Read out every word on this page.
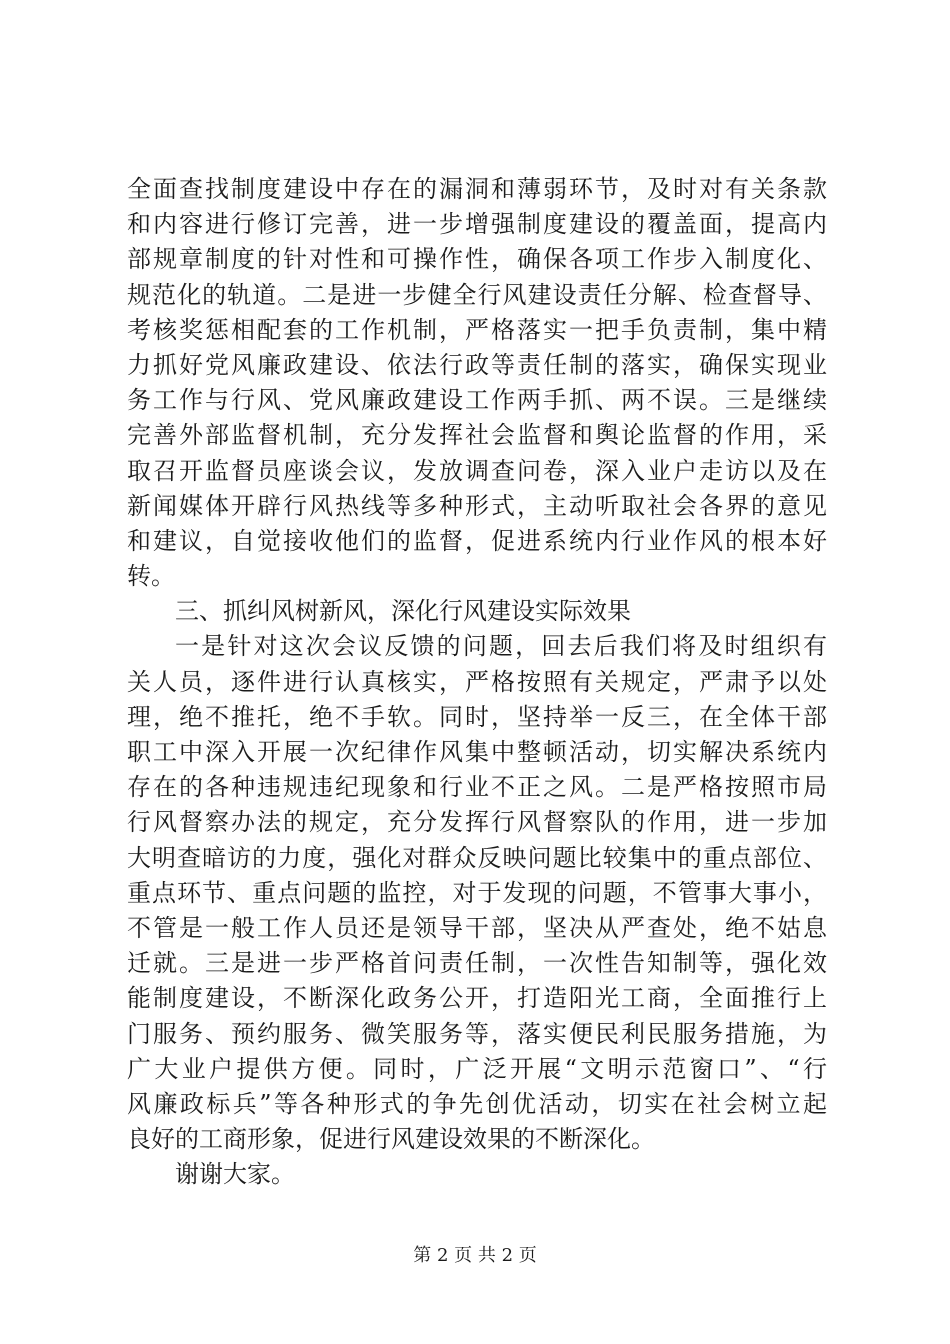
全面查找制度建设中存在的漏洞和薄弱环节，及时对有关条款
和内容进行修订完善，进一步增强制度建设的覆盖面，提高内
部规章制度的针对性和可操作性，确保各项工作步入制度化、
规范化的轨道。二是进一步健全行风建设责任分解、检查督导、
考核奖惩相配套的工作机制，严格落实一把手负责制，集中精
力抓好党风廉政建设、依法行政等责任制的落实，确保实现业
务工作与行风、党风廉政建设工作两手抓、两不误。三是继续
完善外部监督机制，充分发挥社会监督和舆论监督的作用，采
取召开监督员座谈会议，发放调查问卷，深入业户走访以及在
新闻媒体开辟行风热线等多种形式，主动听取社会各界的意见
和建议，自觉接收他们的监督，促进系统内行业作风的根本好
转。
三、抓纠风树新风，深化行风建设实际效果
一是针对这次会议反馈的问题，回去后我们将及时组织有
关人员，逐件进行认真核实，严格按照有关规定，严肃予以处
理，绝不推托，绝不手软。同时，坚持举一反三，在全体干部
职工中深入开展一次纪律作风集中整顿活动，切实解决系统内
存在的各种违规违纪现象和行业不正之风。二是严格按照市局
行风督察办法的规定，充分发挥行风督察队的作用，进一步加
大明查暗访的力度，强化对群众反映问题比较集中的重点部位、
重点环节、重点问题的监控，对于发现的问题，不管事大事小，
不管是一般工作人员还是领导干部，坚决从严查处，绝不姑息
迁就。三是进一步严格首问责任制，一次性告知制等，强化效
能制度建设，不断深化政务公开，打造阳光工商，全面推行上
门服务、预约服务、微笑服务等，落实便民利民服务措施，为
广大业户提供方便。同时，广泛开展“文明示范窗口”、“行
风廉政标兵”等各种形式的争先创优活动，切实在社会树立起
良好的工商形象，促进行风建设效果的不断深化。
谢谢大家。
第 2 页 共 2 页
